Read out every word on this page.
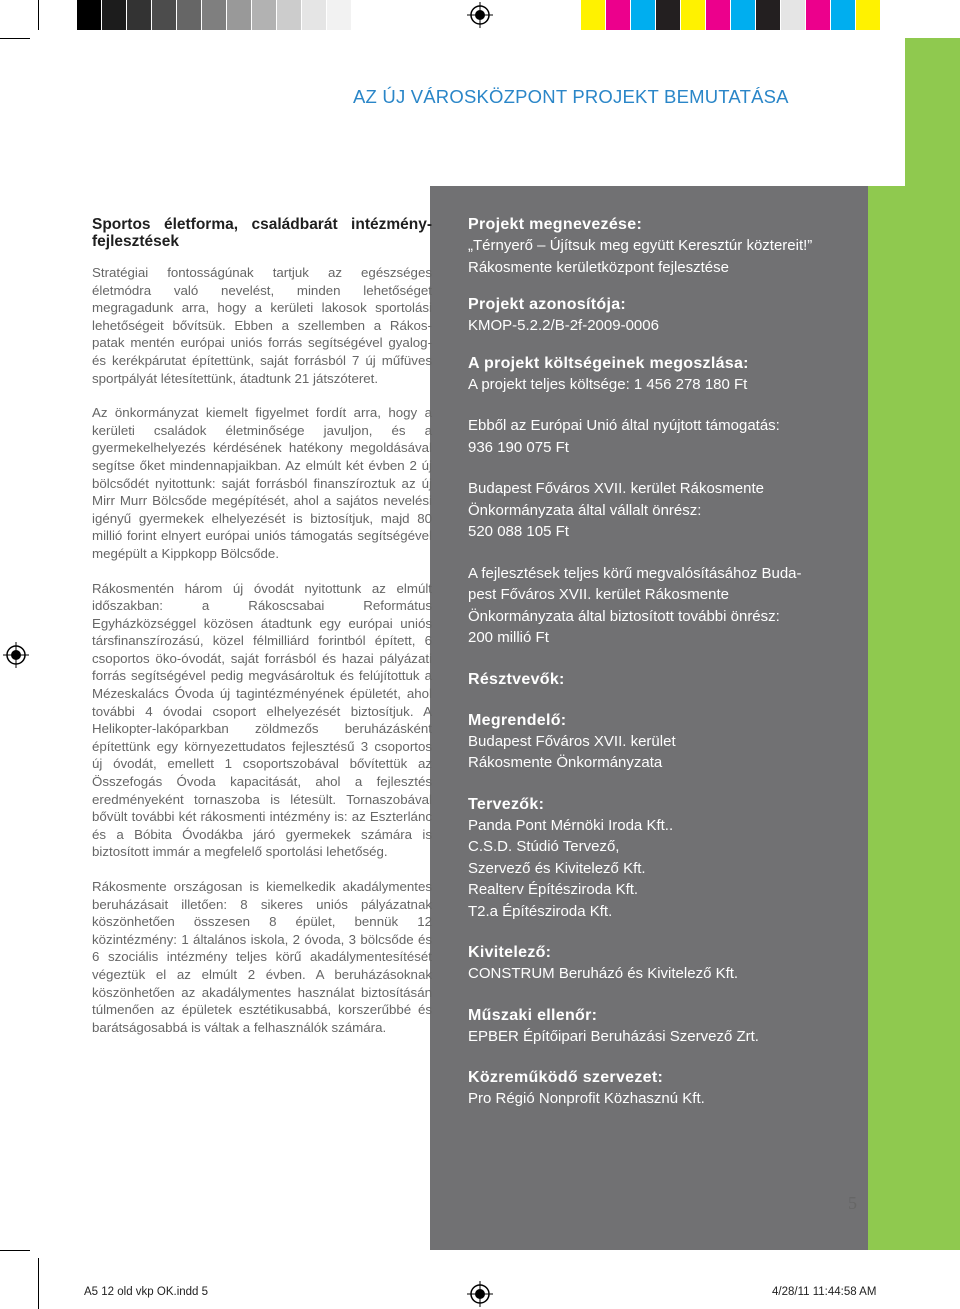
AZ ÚJ VÁROSKÖZPONT PROJEKT BEMUTATÁSA
Sportos életforma, családbarát intézmény-fejlesztések

Stratégiai fontosságúnak tartjuk az egészséges életmódra való nevelést, minden lehetőséget megragadunk arra, hogy a kerületi lakosok sportolási lehetőségeit bővítsük. Ebben a szellemben a Rákos-patak mentén európai uniós forrás segítségével gyalog- és kerékpárutat építettünk, saját forrásból 7 új műfüves sportpályát létesítettünk, átadtunk 21 játszóteret.

Az önkormányzat kiemelt figyelmet fordít arra, hogy a kerületi családok életminősége javuljon, és a gyermekelhelyezés kérdésének hatékony megoldásával segítse őket mindennapjaikban. Az elmúlt két évben 2 új bölcsődét nyitottunk: saját forrásból finanszíroztuk az új Mirr Murr Bölcsőde megépítését, ahol a sajátos nevelési igényű gyermekek elhelyezését is biztosítjuk, majd 80 millió forint elnyert európai uniós támogatás segítségével megépült a Kippkopp Bölcsőde.

Rákosmentén három új óvodát nyitottunk az elmúlt időszakban: a Rákoscsabai Református Egyházközséggel közösen átadtunk egy európai uniós társfinanszírozású, közel félmilliárd forintból épített, 6 csoportos öko-óvodát, saját forrásból és hazai pályázati forrás segítségével pedig megvásároltuk és felújítottuk a Mézeskalács Óvoda új tagintézményének épületét, ahol további 4 óvodai csoport elhelyezését biztosítjuk. A Helikopter-lakóparkban zöldmezős beruházásként építettünk egy környezettudatos fejlesztésű 3 csoportos új óvodát, emellett 1 csoportszobával bővítettük az Összefogás Óvoda kapacitását, ahol a fejlesztés eredményeként tornaszoba is létesült. Tornaszobával bővült további két rákosmenti intézmény is: az Eszterlánc és a Bóbita Óvodákba járó gyermekek számára is biztosított immár a megfelelő sportolási lehetőség.

Rákosmente országosan is kiemelkedik akadálymentes beruházásait illetően: 8 sikeres uniós pályázatnak köszönhetően összesen 8 épület, bennük 12 közintézmény: 1 általános iskola, 2 óvoda, 3 bölcsőde és 6 szociális intézmény teljes körű akadálymentesítését végeztük el az elmúlt 2 évben. A beruházásoknak köszönhetően az akadálymentes használat biztosításán túlmenően az épületek esztétikusabbá, korszerűbbé és barátságosabbá is váltak a felhasználók számára.

Projekt megnevezése:
„Térnyerő – Újítsuk meg együtt Keresztúr köztereit!”
Rákosmente kerületközpont fejlesztése
Projekt azonosítója:
KMOP-5.2.2/B-2f-2009-0006
A projekt költségeinek megoszlása:
A projekt teljes költsége: 1 456 278 180 Ft
Ebből az Európai Unió által nyújtott támogatás:
936 190 075 Ft
Budapest Főváros XVII. kerület Rákosmente
Önkormányzata által vállalt önrész:
520 088 105 Ft
A fejlesztések teljes körű megvalósításához Buda-
pest Főváros XVII. kerület Rákosmente
Önkormányzata által biztosított további önrész:
200 millió Ft
Résztvevők:
Megrendelő:
Budapest Főváros XVII. kerület
Rákosmente Önkormányzata
Tervezők:
Panda Pont Mérnöki Iroda Kft..
C.S.D. Stúdió Tervező,
Szervező és Kivitelező Kft.
Realterv Építésziroda Kft.
T2.a Építésziroda Kft.
Kivitelező:
CONSTRUM Beruházó és Kivitelező Kft.
Műszaki ellenőr:
EPBER Építőipari Beruházási Szervező Zrt.
Közreműködő szervezet:
Pro Régió Nonprofit Közhasznú Kft.
5
A5 12 old vkp OK.indd 5	4/28/11 11:44:58 AM
